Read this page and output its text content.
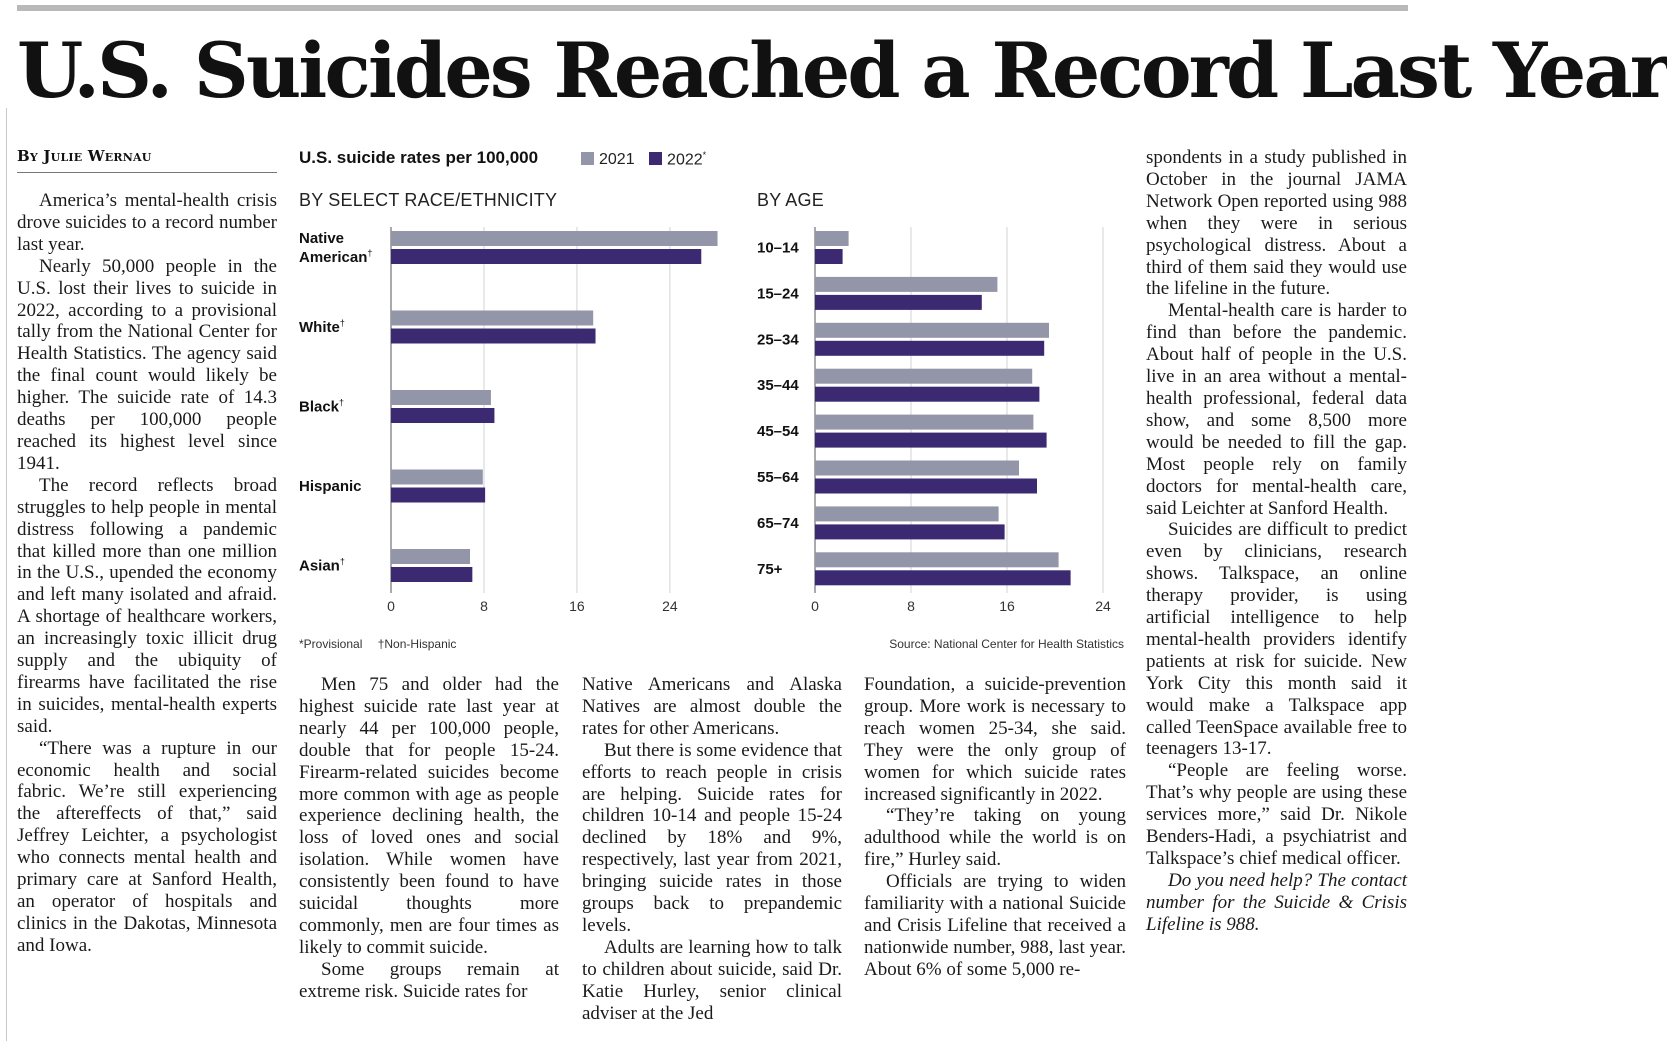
U.S. Suicides Reached a Record Last Year
By Julie Wernau

America’s mental-health crisis drove suicides to a record number last year.

Nearly 50,000 people in the U.S. lost their lives to suicide in 2022, according to a provisional tally from the National Center for Health Statistics. The agency said the final count would likely be higher. The suicide rate of 14.3 deaths per 100,000 people reached its highest level since 1941.

The record reflects broad struggles to help people in mental distress following a pandemic that killed more than one million in the U.S., upended the economy and left many isolated and afraid. A shortage of healthcare workers, an increasingly toxic illicit drug supply and the ubiquity of firearms have facilitated the rise in suicides, mental-health experts said.

“There was a rupture in our economic health and social fabric. We’re still experiencing the aftereffects of that,” said Jeffrey Leichter, a psychologist who connects mental health and primary care at Sanford Health, an operator of hospitals and clinics in the Dakotas, Minnesota and Iowa.

U.S. suicide rates per 100,000	2021 2022*
BY SELECT RACE/ETHNICITY	BY AGE
0	8	16	24
Native American†
White†
Black†
Hispanic
Asian†
0	8	16	24
10–14
15–24
25–34
35–44
45–54
55–64
65–74
75+
*Provisional †Non-Hispanic	Source: National Center for Health Statistics

Men 75 and older had the highest suicide rate last year at nearly 44 per 100,000 people, double that for people 15-24. Firearm-related suicides become more common with age as people experience declining health, the loss of loved ones and social isolation. While women have consistently been found to have suicidal thoughts more commonly, men are four times as likely to commit suicide.

Some groups remain at extreme risk. Suicide rates for

Native Americans and Alaska Natives are almost double the rates for other Americans.

But there is some evidence that efforts to reach people in crisis are helping. Suicide rates for children 10-14 and people 15-24 declined by 18% and 9%, respectively, last year from 2021, bringing suicide rates in those groups back to prepandemic levels.

Adults are learning how to talk to children about suicide, said Dr. Katie Hurley, senior clinical adviser at the Jed

Foundation, a suicide-prevention group. More work is necessary to reach women 25-34, she said. They were the only group of women for which suicide rates increased significantly in 2022.

“They’re taking on young adulthood while the world is on fire,” Hurley said.

Officials are trying to widen familiarity with a national Suicide and Crisis Lifeline that received a nationwide number, 988, last year. About 6% of some 5,000 re-

spondents in a study published in October in the journal JAMA Network Open reported using 988 when they were in serious psychological distress. About a third of them said they would use the lifeline in the future.

Mental-health care is harder to find than before the pandemic. About half of people in the U.S. live in an area without a mental-health professional, federal data show, and some 8,500 more would be needed to fill the gap. Most people rely on family doctors for mental-health care, said Leichter at Sanford Health.

Suicides are difficult to predict even by clinicians, research shows. Talkspace, an online therapy provider, is using artificial intelligence to help mental-health providers identify patients at risk for suicide. New York City this month said it would make a Talkspace app called TeenSpace available free to teenagers 13-17.

“People are feeling worse. That’s why people are using these services more,” said Dr. Nikole Benders-Hadi, a psychiatrist and Talkspace’s chief medical officer.

Do you need help? The contact number for the Suicide & Crisis Lifeline is 988.
